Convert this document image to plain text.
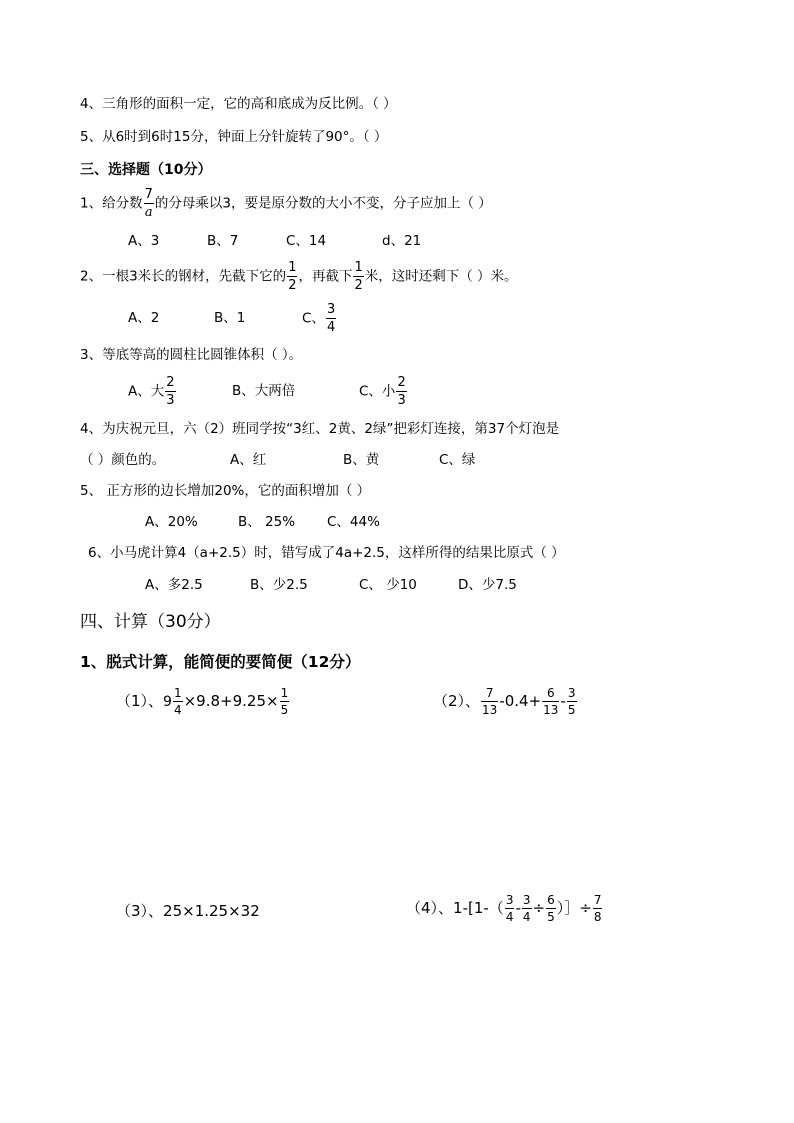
4、三角形的面积一定，它的高和底成为反比例。（ ）
5、从6时到6时15分，钟面上分针旋转了90°。（ ）
三、选择题（10分）
1、给分数 $\frac{7}{a}$ 的分母乘以3，要是原分数的大小不变，分子应加上（ ）
A、3	B、7	C、14	d、21
2、一根3米长的钢材，先截下它的 $\frac{1}{2}$ ，再截下 $\frac{1}{2}$ 米，这时还剩下（ ）米。
A、2	B、1	C、 $\frac{3}{4}$
3、等底等高的圆柱比圆锥体积（ ）。
A、大 $\frac{2}{3}$	B、大两倍	C、小 $\frac{2}{3}$
4、为庆祝元旦，六（2）班同学按“3红、2黄、2绿”把彩灯连接，第37个灯泡是
（ ）颜色的。	A、红	B、黄	C、绿
5、 正方形的边长增加20%，它的面积增加（ ）
A、20%	B、 25% C、44%
6、小马虎计算4（a+2.5）时，错写成了4a+2.5，这样所得的结果比原式（ ）
A、多2.5	B、少2.5	C、 少10	D、少7.5
四、计算（30分）
1、脱式计算，能简便的要简便（12分）
（1）、$9 \frac{1}{4} \times 9.8+9.25\times \frac{1}{5}$	（2）、 $\frac{7}{13} -0.4+ \frac{6}{13} - \frac{3}{5}$
（3）、25×1.25×32	（4）、$1-[1-( \frac{3}{4} - \frac{3}{4} \div \frac{6}{5}$ ）］÷ $\frac{7}{8}$
